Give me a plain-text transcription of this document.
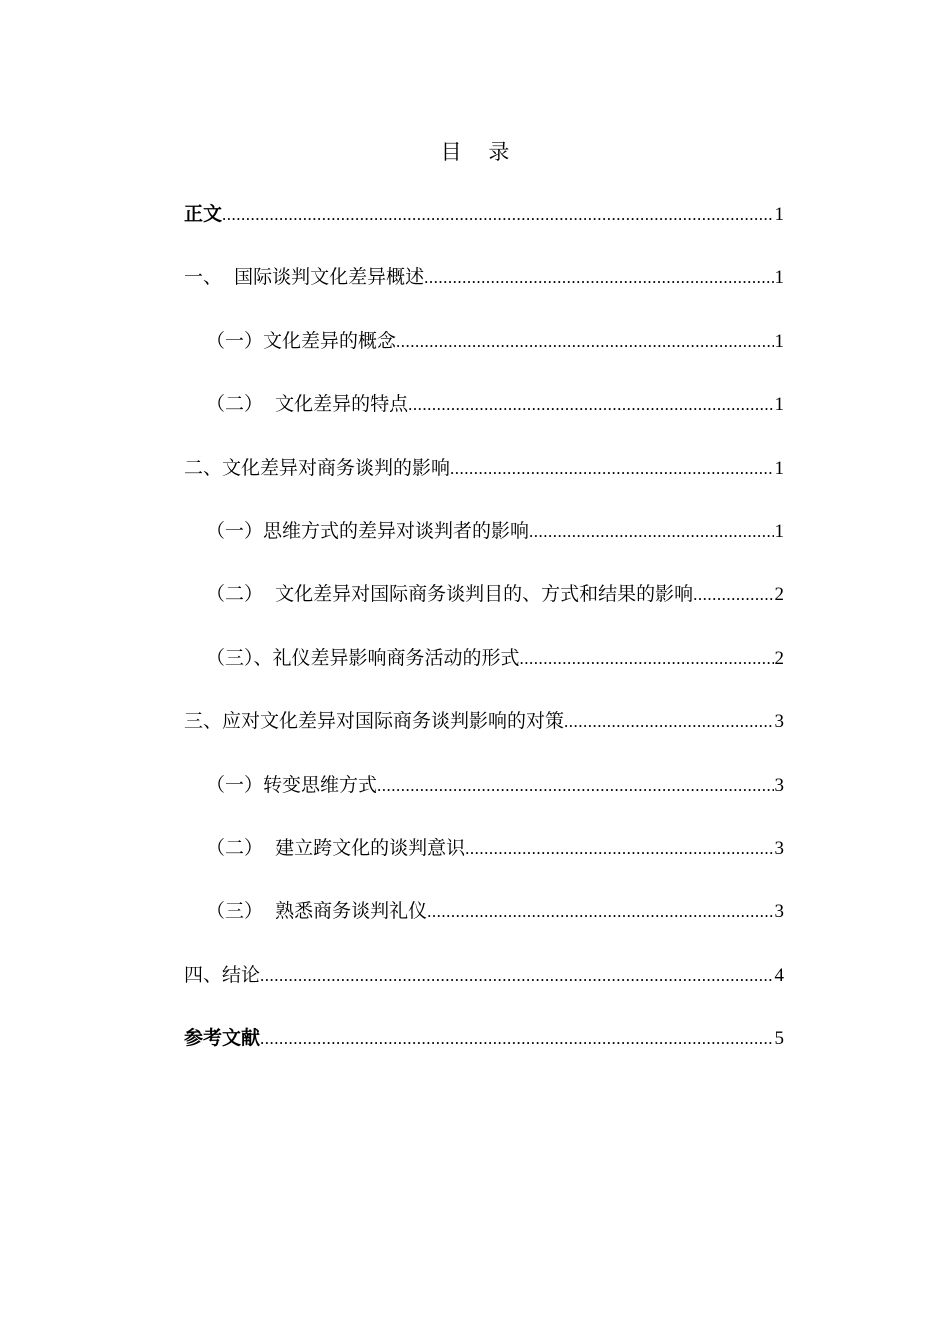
目    录
正文 .....	1
一、  国际谈判文化差异概述 .....	1
（一）文化差异的概念 .....	1
（二）  文化差异的特点 .....	1
二、文化差异对商务谈判的影响 .....	1
（一）思维方式的差异对谈判者的影响 .....	1
（二）  文化差异对国际商务谈判目的、方式和结果的影响 .....	2
（三）、礼仪差异影响商务活动的形式 .....	2
三、应对文化差异对国际商务谈判影响的对策 .....	3
（一）转变思维方式 .....	3
（二）  建立跨文化的谈判意识 .....	3
（三）  熟悉商务谈判礼仪 .....	3
四、结论 .....	4
参考文献 .....	5
